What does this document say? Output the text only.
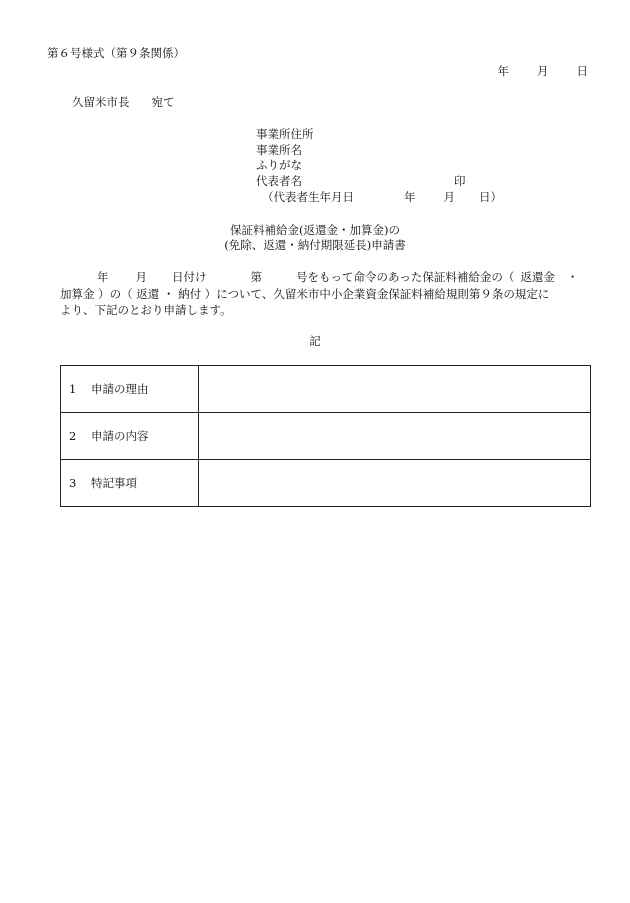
第６号様式（第９条関係）
年 月 日
久留米市長 宛て
事業所住所
事業所名
ふりがな
代表者名	印
（代表者生年月日	年 月 日）
保証料補給金(返還金・加算金)の
(免除、返還・納付期限延長)申請書
年 月 日付け	第	号をもって命令のあった保証料補給金の（ 返還金 ・
加算金 ）の（ 返還 ・ 納付 ）について、久留米市中小企業資金保証料補給規則第９条の規定に
より、下記のとおり申請します。
記
1 申請の理由	
2 申請の内容	
3 特記事項	
